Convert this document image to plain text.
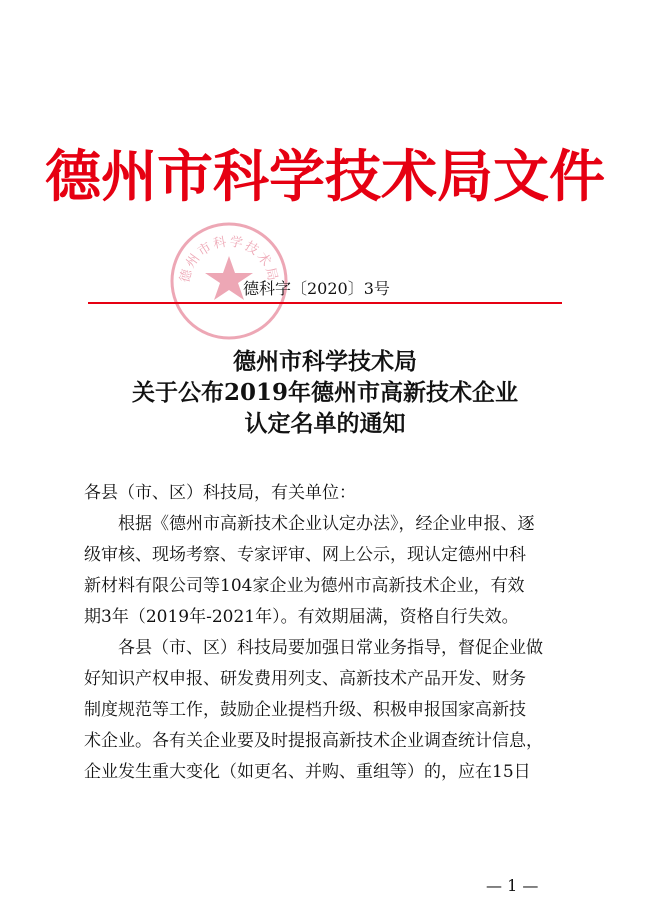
德州市科学技术局文件
德州市科学技术局
德科字〔2020〕3号
德州市科学技术局
关于公布2019年德州市高新技术企业
认定名单的通知

各县（市、区）科技局，有关单位：

根据《德州市高新技术企业认定办法》，经企业申报、逐

级审核、现场考察、专家评审、网上公示，现认定德州中科

新材料有限公司等104家企业为德州市高新技术企业，有效

期3年（2019年-2021年）。有效期届满，资格自行失效。

各县（市、区）科技局要加强日常业务指导，督促企业做

好知识产权申报、研发费用列支、高新技术产品开发、财务

制度规范等工作，鼓励企业提档升级、积极申报国家高新技

术企业。各有关企业要及时提报高新技术企业调查统计信息，

企业发生重大变化（如更名、并购、重组等）的，应在15日

— 1 —
